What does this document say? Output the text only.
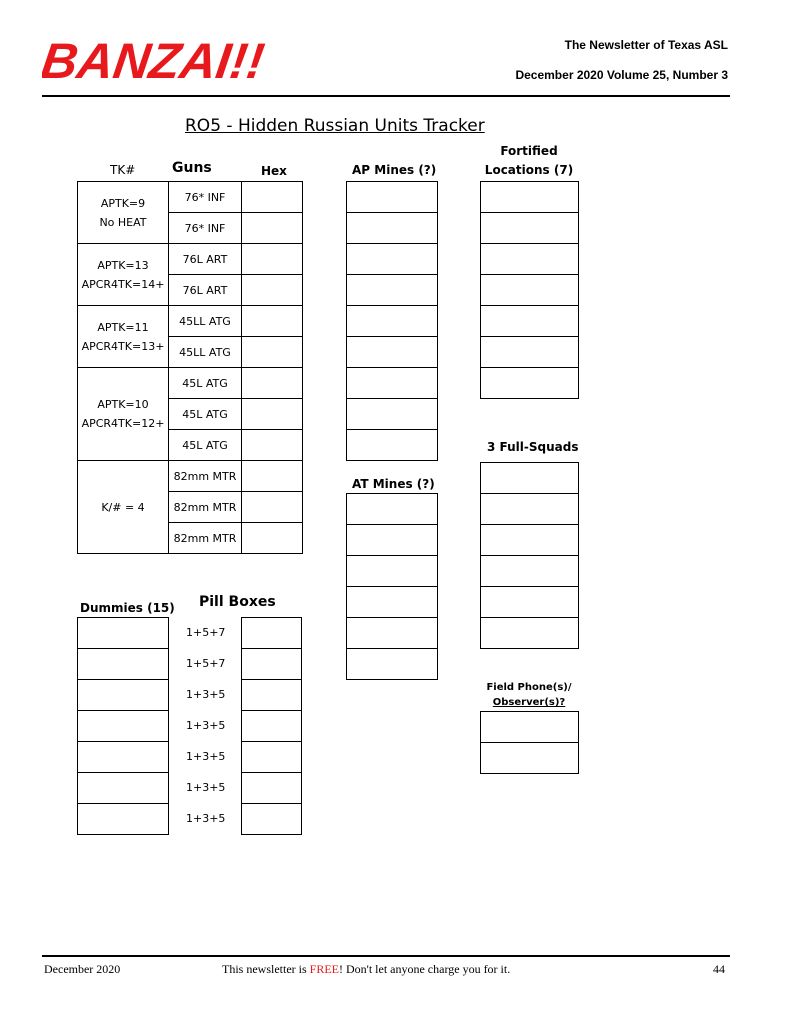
BANZAI!!	The Newsletter of Texas ASL
December 2020 Volume 25, Number 3
RO5 - Hidden Russian Units Tracker
TK#	Guns	Hex
APTK=9
No HEAT	76* INF	
	76* INF	

APTK=13
APCR4TK=14+	76L ART	
	76L ART	

APTK=11
APCR4TK=13+	45LL ATG	
	45LL ATG	

APTK=10
APCR4TK=12+	45L ATG	
	45L ATG	
	45L ATG	

K/# = 4	82mm MTR	
	82mm MTR	
	82mm MTR	
AP Mines (?)
AT Mines (?)
Fortified
Locations (7)
3 Full-Squads
Field Phone(s)/
Observer(s)?
Dummies (15) Pill Boxes
1+5+7
1+5+7
1+3+5
1+3+5
1+3+5
1+3+5
1+3+5
December 2020	This newsletter is FREE! Don't let anyone charge you for it.	44
